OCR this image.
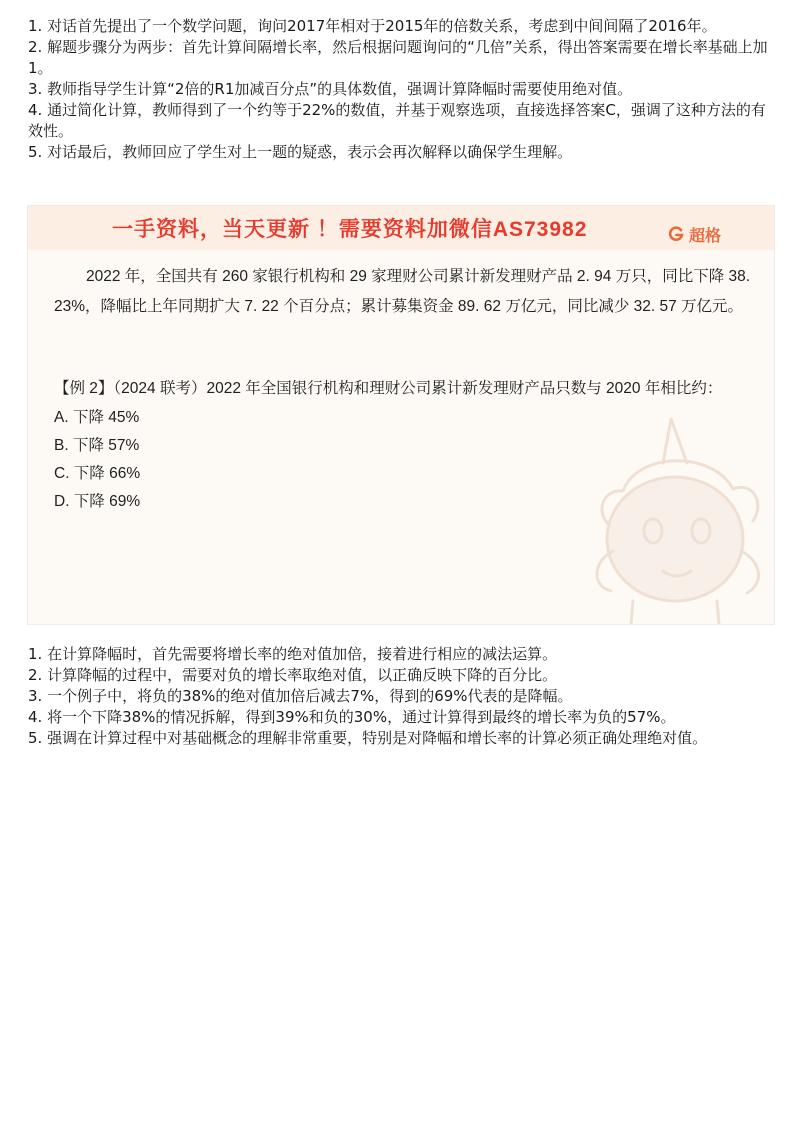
1. 对话首先提出了一个数学问题，询问2017年相对于2015年的倍数关系，考虑到中间间隔了2016年。

2. 解题步骤分为两步：首先计算间隔增长率，然后根据问题询问的“几倍”关系，得出答案需要在增长率基础上加1。

3. 教师指导学生计算“2倍的R1加减百分点”的具体数值，强调计算降幅时需要使用绝对值。

4. 通过简化计算，教师得到了一个约等于22%的数值，并基于观察选项，直接选择答案C，强调了这种方法的有效性。

5. 对话最后，教师回应了学生对上一题的疑惑，表示会再次解释以确保学生理解。

一手资料，当天更新 ！需要资料加微信AS73982	超格

2022 年，全国共有 260 家银行机构和 29 家理财公司累计新发理财产品 2. 94 万只，同比下降 38. 23%，降幅比上年同期扩大 7. 22 个百分点；累计募集资金 89. 62 万亿元，同比减少 32. 57 万亿元。

【例 2】（2024 联考）2022 年全国银行机构和理财公司累计新发理财产品只数与 2020 年相比约：

A. 下降 45%
B. 下降 57%
C. 下降 66%
D. 下降 69%

1. 在计算降幅时，首先需要将增长率的绝对值加倍，接着进行相应的减法运算。

2. 计算降幅的过程中，需要对负的增长率取绝对值，以正确反映下降的百分比。

3. 一个例子中，将负的38%的绝对值加倍后减去7%，得到的69%代表的是降幅。

4. 将一个下降38%的情况拆解，得到39%和负的30%，通过计算得到最终的增长率为负的57%。

5. 强调在计算过程中对基础概念的理解非常重要，特别是对降幅和增长率的计算必须正确处理绝对值。
